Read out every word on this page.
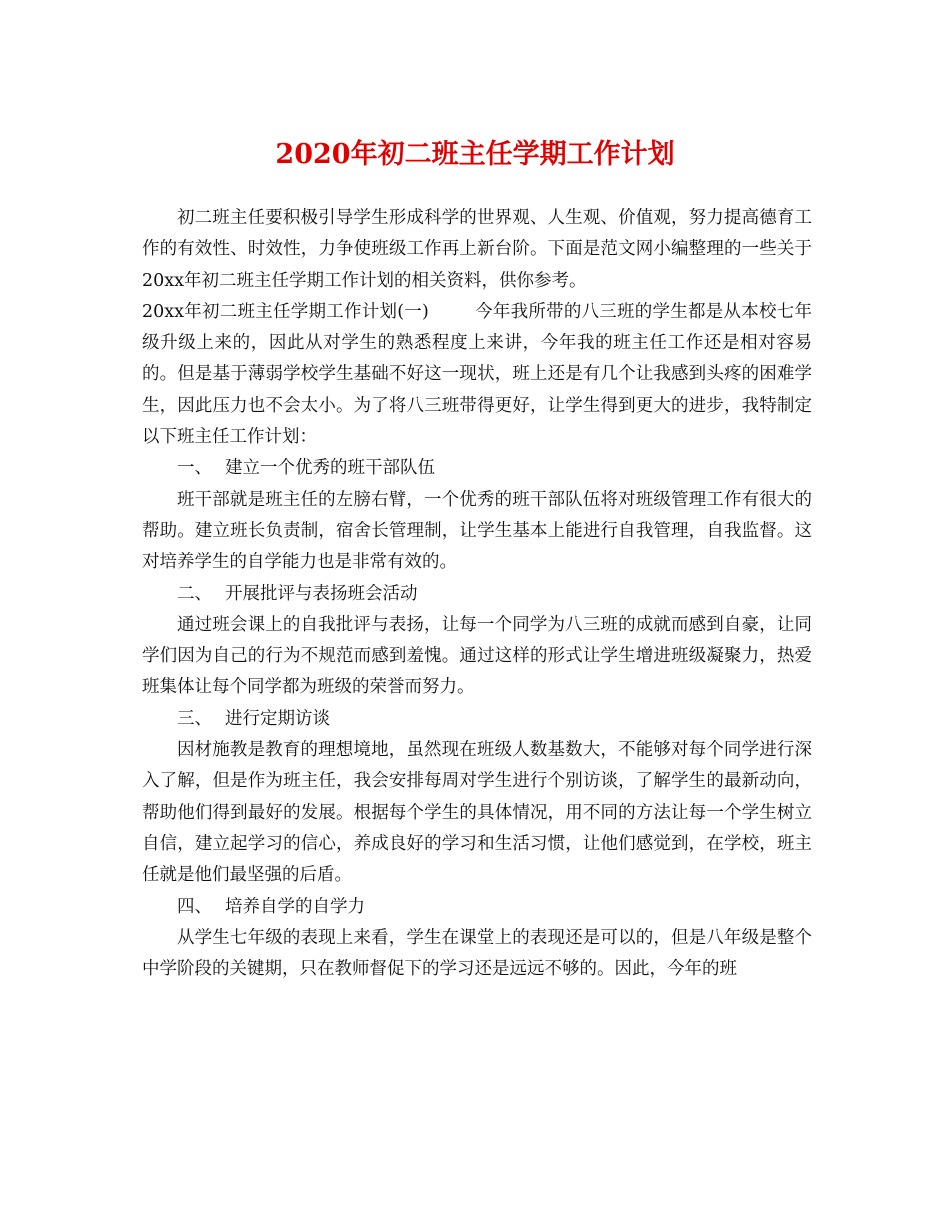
2020年初二班主任学期工作计划

初二班主任要积极引导学生形成科学的世界观、人生观、价值观，努力提高德育工作的有效性、时效性，力争使班级工作再上新台阶。下面是范文网小编整理的一些关于20xx年初二班主任学期工作计划的相关资料，供你参考。

20xx年初二班主任学期工作计划(一)	今年我所带的八三班的学生都是从本校七年级升级上来的，因此从对学生的熟悉程度上来讲，今年我的班主任工作还是相对容易的。但是基于薄弱学校学生基础不好这一现状，班上还是有几个让我感到头疼的困难学生，因此压力也不会太小。为了将八三班带得更好，让学生得到更大的进步，我特制定以下班主任工作计划：

一、 建立一个优秀的班干部队伍

班干部就是班主任的左膀右臂，一个优秀的班干部队伍将对班级管理工作有很大的帮助。建立班长负责制，宿舍长管理制，让学生基本上能进行自我管理，自我监督。这对培养学生的自学能力也是非常有效的。

二、 开展批评与表扬班会活动

通过班会课上的自我批评与表扬，让每一个同学为八三班的成就而感到自豪，让同学们因为自己的行为不规范而感到羞愧。通过这样的形式让学生增进班级凝聚力，热爱班集体让每个同学都为班级的荣誉而努力。

三、 进行定期访谈

因材施教是教育的理想境地，虽然现在班级人数基数大，不能够对每个同学进行深入了解，但是作为班主任，我会安排每周对学生进行个别访谈，了解学生的最新动向，帮助他们得到最好的发展。根据每个学生的具体情况，用不同的方法让每一个学生树立自信，建立起学习的信心，养成良好的学习和生活习惯，让他们感觉到，在学校，班主任就是他们最坚强的后盾。

四、 培养自学的自学力

从学生七年级的表现上来看，学生在课堂上的表现还是可以的，但是八年级是整个中学阶段的关键期，只在教师督促下的学习还是远远不够的。因此，今年的班
